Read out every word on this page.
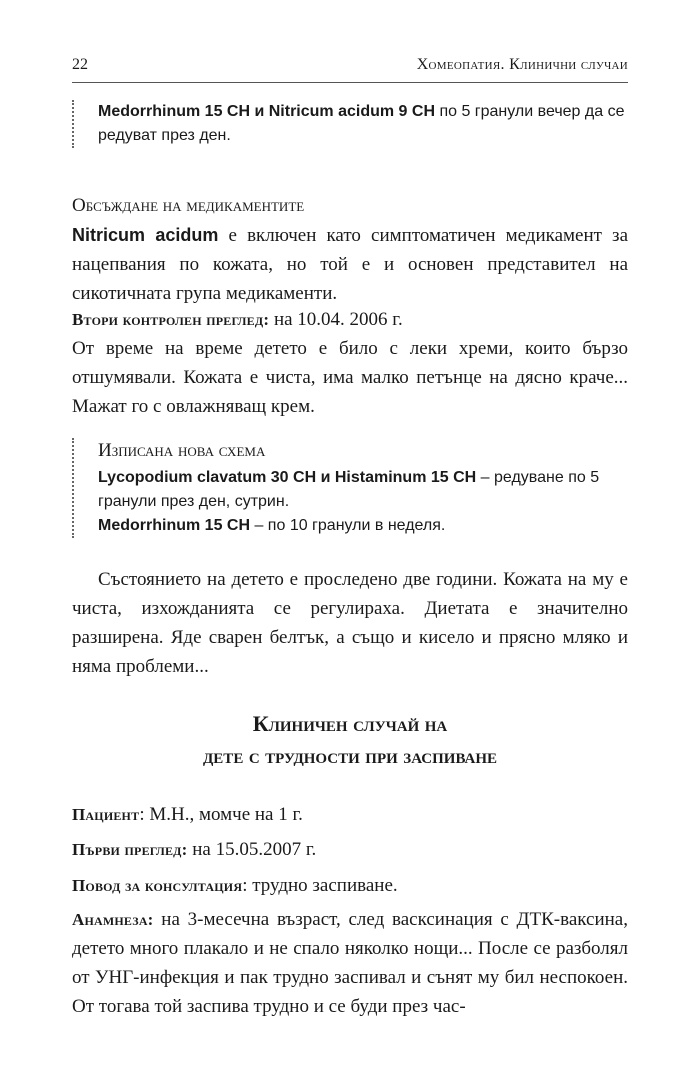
22	Хомеопатия. Клинични случаи
Medorrhinum 15 CH и Nitricum acidum 9 CH по 5 гранули вечер да се редуват през ден.
Обсъждане на медикаментите
Nitricum acidum е включен като симптоматичен медикамент за нацепвания по кожата, но той е и основен представител на сикотичната група медикаменти.

Втори контролен преглед: на 10.04. 2006 г.

От време на време детето е било с леки хреми, които бързо отшумявали. Кожата е чиста, има малко петънце на дясно краче... Мажат го с овлажняващ крем.

Изписана нова схема
Lycopodium clavatum 30 CH и Histaminum 15 CH – редуване по 5 гранули през ден, сутрин.
Medorrhinum 15 CH – по 10 гранули в неделя.

Състоянието на детето е проследено две години. Кожата на му е чиста, изхожданията се регулираха. Диетата е значително разширена. Яде сварен белтък, а също и кисело и прясно мляко и няма проблеми...

Клиничен случай на
дете с трудности при заспиване

Пациент: М.Н., момче на 1 г.

Първи преглед: на 15.05.2007 г.

Повод за консултация: трудно заспиване.

Анамнеза: на 3-месечна възраст, след васксинация с ДТК-ваксина, детето много плакало и не спало няколко нощи... После се разболял от УНГ-инфекция и пак трудно заспивал и сънят му бил неспокоен. От тогава той заспива трудно и се буди през час-
